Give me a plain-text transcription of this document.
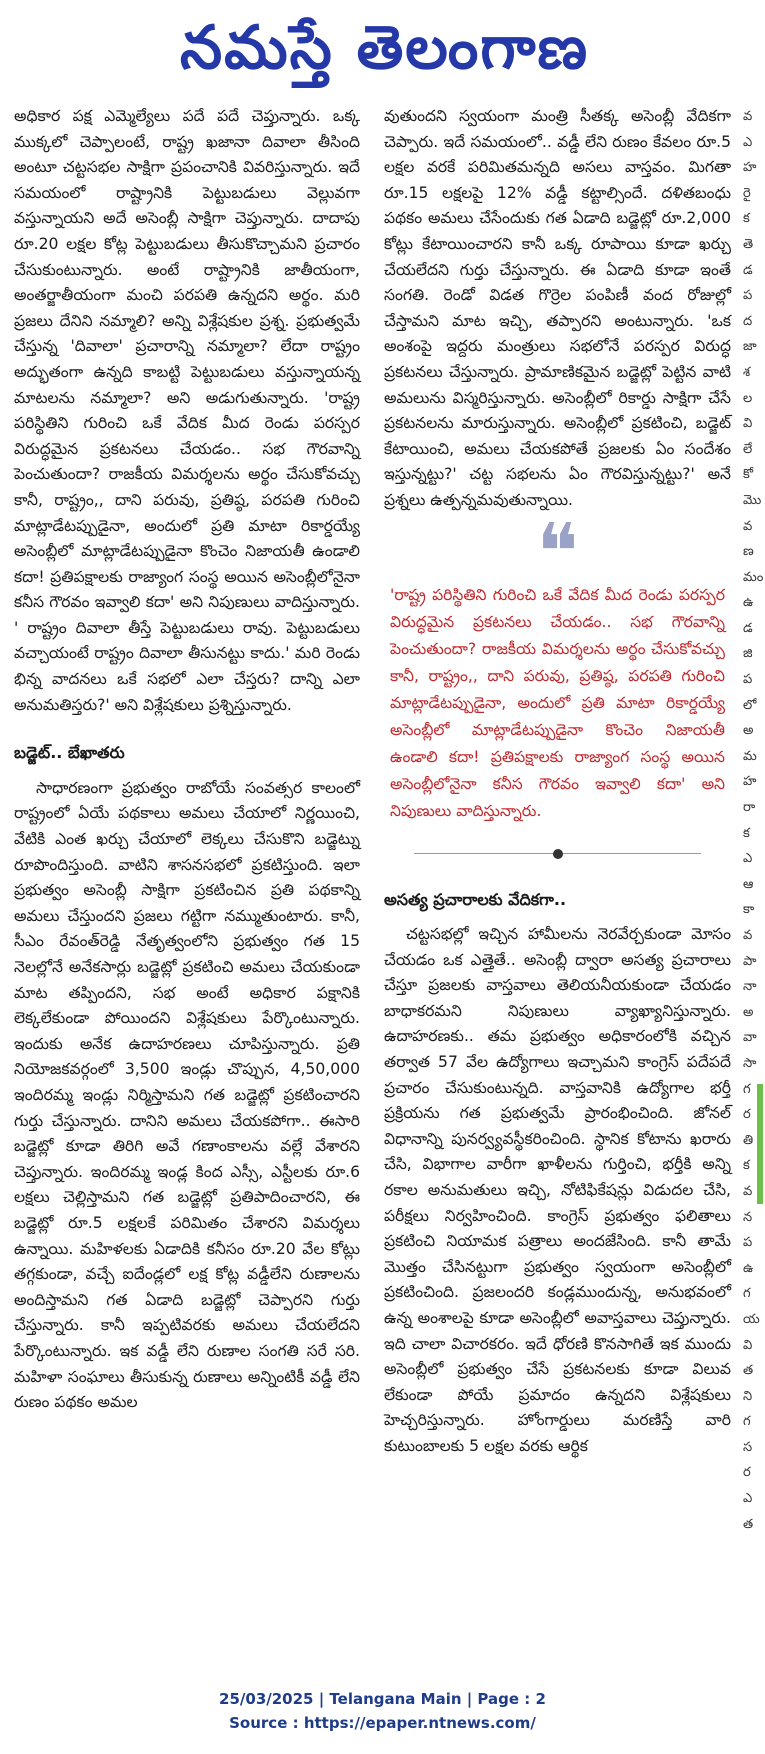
నమస్తే తెలంగాణ

అధికార పక్ష ఎమ్మెల్యేలు పదే పదే చెప్తున్నారు. ఒక్క ముక్కలో చెప్పాలంటే, రాష్ట్ర ఖజానా దివాలా తీసింది అంటూ చట్టసభల సాక్షిగా ప్రపంచానికి వివరిస్తున్నారు. ఇదే సమయంలో రాష్ట్రానికి పెట్టుబడులు వెల్లువగా వస్తున్నాయని అదే అసెంబ్లీ సాక్షిగా చెప్తున్నారు. దాదాపు రూ.20 లక్షల కోట్ల పెట్టుబడులు తీసుకొచ్చామని ప్రచారం చేసుకుంటున్నారు. అంటే రాష్ట్రానికి జాతీయంగా, అంతర్జాతీయంగా మంచి పరపతి ఉన్నదని అర్థం. మరి ప్రజలు దేనిని నమ్మాలి? అన్ని విశ్లేషకుల ప్రశ్న. ప్రభుత్వమే చేస్తున్న 'దివాలా' ప్రచారాన్ని నమ్మాలా? లేదా రాష్ట్రం అద్భుతంగా ఉన్నది కాబట్టి పెట్టుబడులు వస్తున్నాయన్న మాటలను నమ్మాలా? అని అడుగుతున్నారు. 'రాష్ట్ర పరిస్థితిని గురించి ఒకే వేదిక మీద రెండు పరస్పర విరుద్ధమైన ప్రకటనలు చేయడం.. సభ గౌరవాన్ని పెంచుతుందా? రాజకీయ విమర్శలను అర్థం చేసుకోవచ్చు కానీ, రాష్ట్రం,, దాని పరువు, ప్రతిష్ఠ, పరపతి గురించి మాట్లాడేటప్పుడైనా, అందులో ప్రతి మాటా రికార్డయ్యే అసెంబ్లీలో మాట్లాడేటప్పుడైనా కొంచెం నిజాయతీ ఉండాలి కదా! ప్రతిపక్షాలకు రాజ్యాంగ సంస్థ అయిన అసెంబ్లీలోనైనా కనీస గౌరవం ఇవ్వాలి కదా' అని నిపుణులు వాదిస్తున్నారు. ' రాష్ట్రం దివాలా తీస్తే పెట్టుబడులు రావు. పెట్టుబడులు వచ్చాయంటే రాష్ట్రం దివాలా తీసునట్టు కాదు.' మరి రెండు భిన్న వాదనలు ఒకే సభలో ఎలా చేస్తరు? దాన్ని ఎలా అనుమతిస్తరు?' అని విశ్లేషకులు ప్రశ్నిస్తున్నారు.

బడ్జెట్.. బేఖాతరు

సాధారణంగా ప్రభుత్వం రాబోయే సంవత్సర కాలంలో రాష్ట్రంలో ఏయే పథకాలు అమలు చేయాలో నిర్ణయించి, వేటికి ఎంత ఖర్చు చేయాలో లెక్కలు చేసుకొని బడ్జెట్ను రూపొందిస్తుంది. వాటిని శాసనసభలో ప్రకటిస్తుంది. ఇలా ప్రభుత్వం అసెంబ్లీ సాక్షిగా ప్రకటించిన ప్రతి పథకాన్ని అమలు చేస్తుందని ప్రజలు గట్టిగా నమ్ముతుంటారు. కానీ, సీఎం రేవంత్‌రెడ్డి నేతృత్వంలోని ప్రభుత్వం గత 15 నెలల్లోనే అనేకసార్లు బడ్జెట్లో ప్రకటించి అమలు చేయకుండా మాట తప్పిందని, సభ అంటే అధికార పక్షానికి లెక్కలేకుండా పోయిందని విశ్లేషకులు పేర్కొంటున్నారు. ఇందుకు అనేక ఉదాహరణలు చూపిస్తున్నారు. ప్రతి నియోజకవర్గంలో 3,500 ఇండ్లు చొప్పున, 4,50,000 ఇందిరమ్మ ఇండ్లు నిర్మిస్తామని గత బడ్జెట్లో ప్రకటించారని గుర్తు చేస్తున్నారు. దానిని అమలు చేయకపోగా.. ఈసారి బడ్జెట్లో కూడా తిరిగి అవే గణాంకాలను వల్లే వేశారని చెప్తున్నారు. ఇందిరమ్మ ఇండ్ల కింద ఎస్సీ, ఎస్టీలకు రూ.6 లక్షలు చెల్లిస్తామని గత బడ్జెట్లో ప్రతిపాదించారని, ఈ బడ్జెట్లో రూ.5 లక్షలకే పరిమితం చేశారని విమర్శలు ఉన్నాయి. మహిళలకు ఏడాదికి కనీసం రూ.20 వేల కోట్లు తగ్గకుండా, వచ్చే ఐదేండ్లలో లక్ష కోట్ల వడ్డీలేని రుణాలను అందిస్తామని గత ఏడాది బడ్జెట్లో చెప్పారని గుర్తు చేస్తున్నారు. కానీ ఇప్పటివరకు అమలు చేయలేదని పేర్కొంటున్నారు. ఇక వడ్డీ లేని రుణాల సంగతి సరే సరి. మహిళా సంఘాలు తీసుకున్న రుణాలు అన్నింటికీ వడ్డీ లేని రుణం పథకం అమల

వుతుందని స్వయంగా మంత్రి సీతక్క అసెంబ్లీ వేదికగా చెప్పారు. ఇదే సమయంలో.. వడ్డీ లేని రుణం కేవలం రూ.5 లక్షల వరకే పరిమితమన్నది అసలు వాస్తవం. మిగతా రూ.15 లక్షలపై 12% వడ్డీ కట్టాల్సిందే. దళితబంధు పథకం అమలు చేసేందుకు గత ఏడాది బడ్జెట్లో రూ.2,000 కోట్లు కేటాయించారని కానీ ఒక్క రూపాయి కూడా ఖర్చు చేయలేదని గుర్తు చేస్తున్నారు. ఈ ఏడాది కూడా ఇంతే సంగతి. రెండో విడత గొర్రెల పంపిణీ వంద రోజుల్లో చేస్తామని మాట ఇచ్చి, తప్పారని అంటున్నారు. 'ఒక అంశంపై ఇద్దరు మంత్రులు సభలోనే పరస్పర విరుద్ధ ప్రకటనలు చేస్తున్నారు. ప్రామాణికమైన బడ్జెట్లో పెట్టిన వాటి అమలును విస్మరిస్తున్నారు. అసెంబ్లీలో రికార్డు సాక్షిగా చేసే ప్రకటనలను మారుస్తున్నారు. అసెంబ్లీలో ప్రకటించి, బడ్జెట్ కేటాయించి, అమలు చేయకపోతే ప్రజలకు ఏం సందేశం ఇస్తున్నట్టు?' చట్ట సభలను ఏం గౌరవిస్తున్నట్టు?' అనే ప్రశ్నలు ఉత్పన్నమవుతున్నాయి.

❝
'రాష్ట్ర పరిస్థితిని గురించి ఒకే వేదిక మీద రెండు పరస్పర విరుద్ధమైన ప్రకటనలు చేయడం.. సభ గౌరవాన్ని పెంచుతుందా? రాజకీయ విమర్శలను అర్థం చేసుకోవచ్చు కానీ, రాష్ట్రం,, దాని పరువు, ప్రతిష్ఠ, పరపతి గురించి మాట్లాడేటప్పుడైనా, అందులో ప్రతి మాటా రికార్డయ్యే అసెంబ్లీలో మాట్లాడేటప్పుడైనా కొంచెం నిజాయతీ ఉండాలి కదా! ప్రతిపక్షాలకు రాజ్యాంగ సంస్థ అయిన అసెంబ్లీలోనైనా కనీస గౌరవం ఇవ్వాలి కదా' అని నిపుణులు వాదిస్తున్నారు.
అసత్య ప్రచారాలకు వేదికగా..

చట్టసభల్లో ఇచ్చిన హామీలను నెరవేర్చకుండా మోసం చేయడం ఒక ఎత్తైతే.. అసెంబ్లీ ద్వారా అసత్య ప్రచారాలు చేస్తూ ప్రజలకు వాస్తవాలు తెలియనీయకుండా చేయడం బాధాకరమని నిపుణులు వ్యాఖ్యానిస్తున్నారు. ఉదాహరణకు.. తమ ప్రభుత్వం అధికారంలోకి వచ్చిన తర్వాత 57 వేల ఉద్యోగాలు ఇచ్చామని కాంగ్రెస్ పదేపదే ప్రచారం చేసుకుంటున్నది. వాస్తవానికి ఉద్యోగాల భర్తీ ప్రక్రియను గత ప్రభుత్వమే ప్రారంభించింది. జోనల్ విధానాన్ని పునర్వ్యవస్థీకరించింది. స్థానిక కోటాను ఖరారు చేసి, విభాగాల వారీగా ఖాళీలను గుర్తించి, భర్తీకి అన్ని రకాల అనుమతులు ఇచ్చి, నోటిఫికేషన్లు విడుదల చేసి, పరీక్షలు నిర్వహించింది. కాంగ్రెస్ ప్రభుత్వం ఫలితాలు ప్రకటించి నియామక పత్రాలు అందజేసింది. కానీ తామే మొత్తం చేసినట్టుగా ప్రభుత్వం స్వయంగా అసెంబ్లీలో ప్రకటించింది. ప్రజలందరి కండ్లముందున్న, అనుభవంలో ఉన్న అంశాలపై కూడా అసెంబ్లీలో అవాస్తవాలు చెప్తున్నారు. ఇది చాలా విచారకరం. ఇదే ధోరణి కొనసాగితే ఇక ముందు అసెంబ్లీలో ప్రభుత్వం చేసే ప్రకటనలకు కూడా విలువ లేకుండా పోయే ప్రమాదం ఉన్నదని విశ్లేషకులు హెచ్చరిస్తున్నారు. హోంగార్డులు మరణిస్తే వారి కుటుంబాలకు 5 లక్షల వరకు ఆర్థిక

వ
ఎ
హ
రై
క
తె
డ
ప
ద
జా
శ
ల
వి
లే
కో
మొ
వ
ణ
మం
ఉ
డ
జి
ప
లో
అ
మ
హ
రా
క
ఎ
ఆ
కా
వ
పా
నా
అ
వా
సా
గ
ర
తి
క
వ
న
ప
ఉ
గ
య
వి
త
ని
గ
స
ర
ఎ
త
25/03/2025 | Telangana Main | Page : 2
Source : https://epaper.ntnews.com/
